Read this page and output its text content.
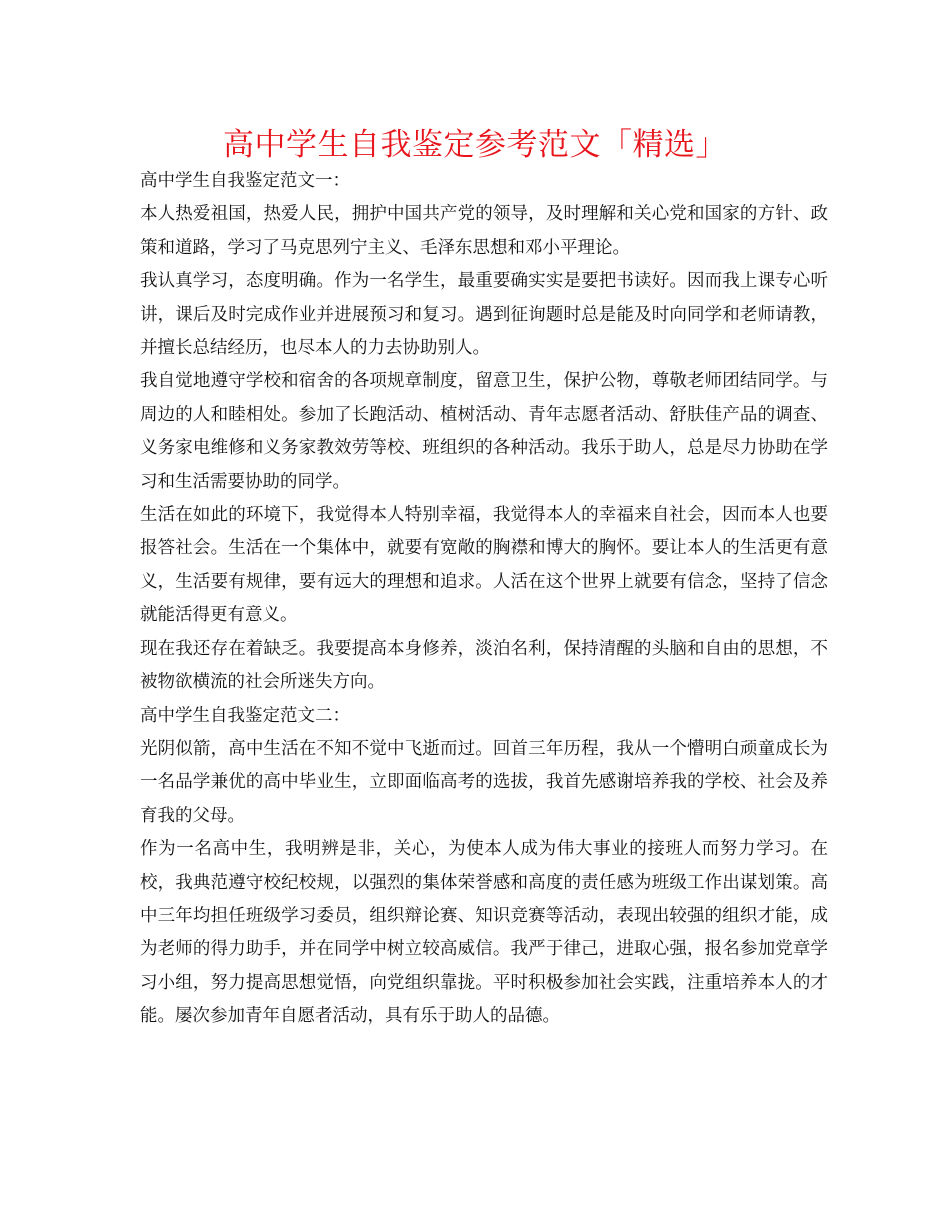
高中学生自我鉴定参考范文「精选」

高中学生自我鉴定范文一：

本人热爱祖国，热爱人民，拥护中国共产党的领导，及时理解和关心党和国家的方针、政策和道路，学习了马克思列宁主义、毛泽东思想和邓小平理论。

我认真学习，态度明确。作为一名学生，最重要确实实是要把书读好。因而我上课专心听讲，课后及时完成作业并进展预习和复习。遇到征询题时总是能及时向同学和老师请教，并擅长总结经历，也尽本人的力去协助别人。

我自觉地遵守学校和宿舍的各项规章制度，留意卫生，保护公物，尊敬老师团结同学。与周边的人和睦相处。参加了长跑活动、植树活动、青年志愿者活动、舒肤佳产品的调查、义务家电维修和义务家教效劳等校、班组织的各种活动。我乐于助人，总是尽力协助在学习和生活需要协助的同学。

生活在如此的环境下，我觉得本人特别幸福，我觉得本人的幸福来自社会，因而本人也要报答社会。生活在一个集体中，就要有宽敞的胸襟和博大的胸怀。要让本人的生活更有意义，生活要有规律，要有远大的理想和追求。人活在这个世界上就要有信念，坚持了信念就能活得更有意义。

现在我还存在着缺乏。我要提高本身修养，淡泊名利，保持清醒的头脑和自由的思想，不被物欲横流的社会所迷失方向。

高中学生自我鉴定范文二：

光阴似箭，高中生活在不知不觉中飞逝而过。回首三年历程，我从一个懵明白顽童成长为一名品学兼优的高中毕业生，立即面临高考的选拔，我首先感谢培养我的学校、社会及养育我的父母。

作为一名高中生，我明辨是非，关心，为使本人成为伟大事业的接班人而努力学习。在校，我典范遵守校纪校规，以强烈的集体荣誉感和高度的责任感为班级工作出谋划策。高中三年均担任班级学习委员，组织辩论赛、知识竞赛等活动，表现出较强的组织才能，成为老师的得力助手，并在同学中树立较高威信。我严于律己，进取心强，报名参加党章学习小组，努力提高思想觉悟，向党组织靠拢。平时积极参加社会实践，注重培养本人的才能。屡次参加青年自愿者活动，具有乐于助人的品德。
